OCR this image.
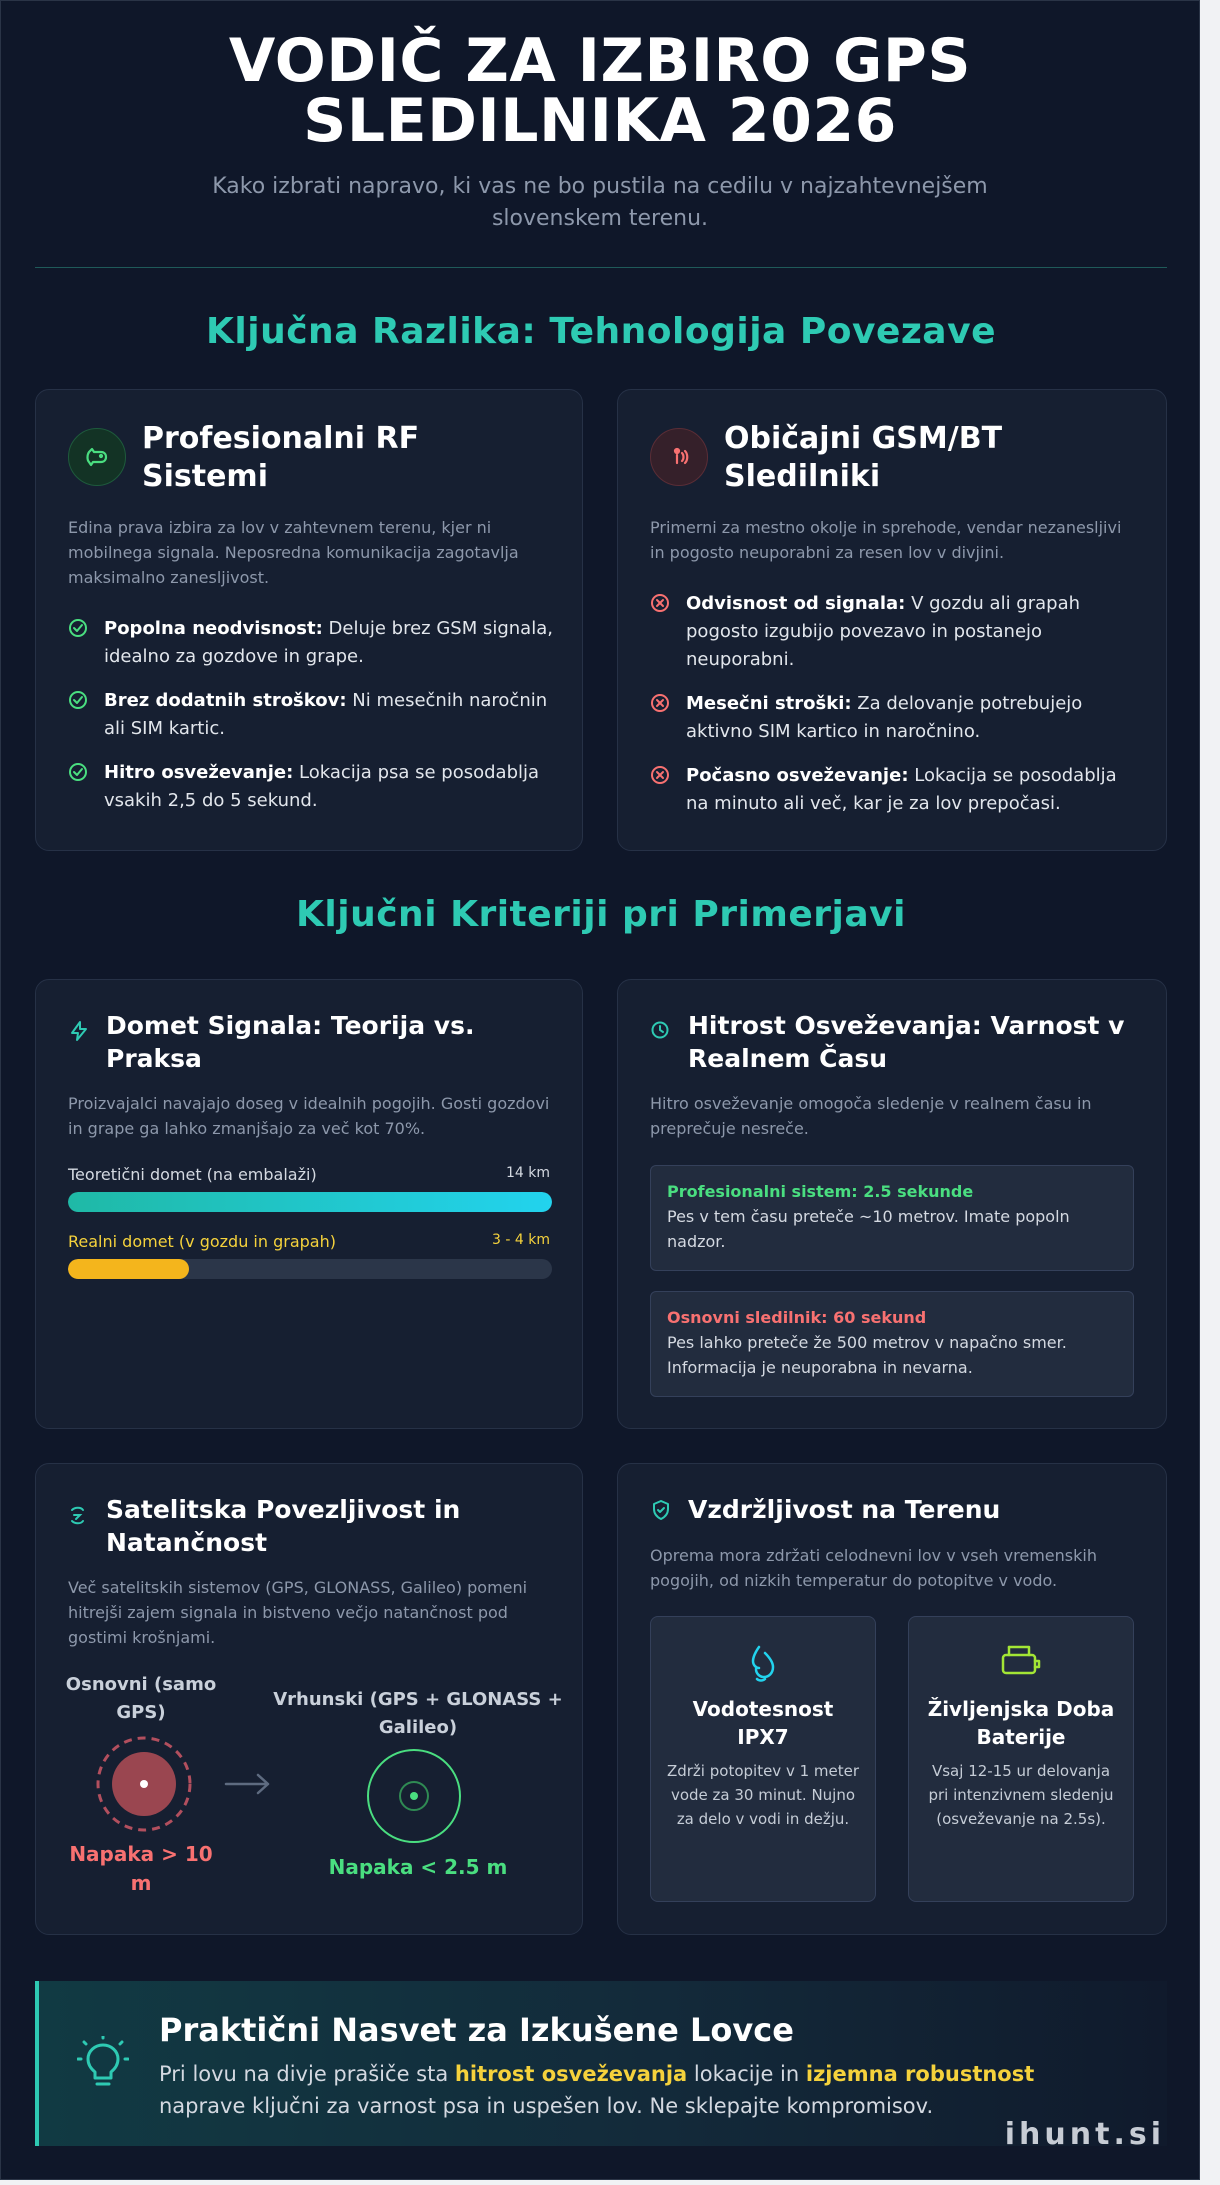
VODIČ ZA IZBIRO GPS SLEDILNIKA 2026
Kako izbrati napravo, ki vas ne bo pustila na cedilu v najzahtevnejšem slovenskem terenu.
Ključna Razlika: Tehnologija Povezave
Profesionalni RF Sistemi
Edina prava izbira za lov v zahtevnem terenu, kjer ni mobilnega signala. Neposredna komunikacija zagotavlja maksimalno zanesljivost.
Popolna neodvisnost: Deluje brez GSM signala, idealno za gozdove in grape.
Brez dodatnih stroškov: Ni mesečnih naročnin ali SIM kartic.
Hitro osveževanje: Lokacija psa se posodablja vsakih 2,5 do 5 sekund.
Običajni GSM/BT Sledilniki
Primerni za mestno okolje in sprehode, vendar nezanesljivi in pogosto neuporabni za resen lov v divjini.
Odvisnost od signala: V gozdu ali grapah pogosto izgubijo povezavo in postanejo neuporabni.
Mesečni stroški: Za delovanje potrebujejo aktivno SIM kartico in naročnino.
Počasno osveževanje: Lokacija se posodablja na minuto ali več, kar je za lov prepočasi.
Ključni Kriteriji pri Primerjavi
Domet Signala: Teorija vs. Praksa
Proizvajalci navajajo doseg v idealnih pogojih. Gosti gozdovi in grape ga lahko zmanjšajo za več kot 70%.
Teoretični domet (na embalaži)	14 km
Realni domet (v gozdu in grapah)	3 - 4 km
Hitrost Osveževanja: Varnost v Realnem Času
Hitro osveževanje omogoča sledenje v realnem času in preprečuje nesreče.
Profesionalni sistem: 2.5 sekunde
Pes v tem času preteče ~10 metrov. Imate popoln nadzor.
Osnovni sledilnik: 60 sekund
Pes lahko preteče že 500 metrov v napačno smer. Informacija je neuporabna in nevarna.
Satelitska Povezljivost in Natančnost
Več satelitskih sistemov (GPS, GLONASS, Galileo) pomeni hitrejši zajem signala in bistveno večjo natančnost pod gostimi krošnjami.
Osnovni (samo GPS)
Napaka > 10 m
Vrhunski (GPS + GLONASS + Galileo)
Napaka < 2.5 m
Vzdržljivost na Terenu
Oprema mora zdržati celodnevni lov v vseh vremenskih pogojih, od nizkih temperatur do potopitve v vodo.
Vodotesnost IPX7
Zdrži potopitev v 1 meter vode za 30 minut. Nujno za delo v vodi in dežju.
Življenjska Doba Baterije
Vsaj 12-15 ur delovanja pri intenzivnem sledenju (osveževanje na 2.5s).
Praktični Nasvet za Izkušene Lovce
Pri lovu na divje prašiče sta hitrost osveževanja lokacije in izjemna robustnost naprave ključni za varnost psa in uspešen lov. Ne sklepajte kompromisov.
ihunt.si
